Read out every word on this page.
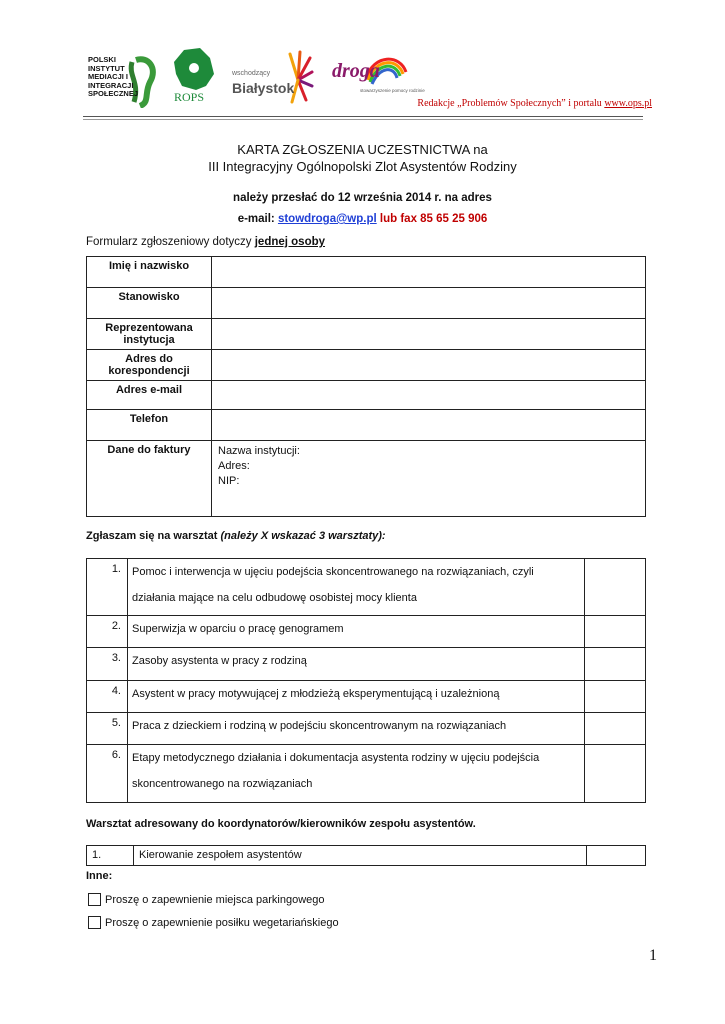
POLSKI
INSTYTUT
MEDIACJI I
INTEGRACJI
SPOŁECZNEJ	ROPS
wschodzący
Białystok
droga
stowarzyszenie pomocy rodzinie
Redakcje „Problemów Społecznych” i portalu www.ops.pl
KARTA ZGŁOSZENIA UCZESTNICTWA na
III Integracyjny Ogólnopolski Zlot Asystentów Rodziny
należy przesłać do 12 września 2014 r. na adres
e-mail: stowdroga@wp.pl lub fax 85 65 25 906
Formularz zgłoszeniowy dotyczy jednej osoby
Imię i nazwisko	
Stanowisko	
Reprezentowana instytucja	
Adres do korespondencji	
Adres e-mail	
Telefon	
Dane do faktury	Nazwa instytucji:
Adres:
NIP:
Zgłaszam się na warsztat (należy X wskazać 3 warsztaty):
1.	Pomoc i interwencja w ujęciu podejścia skoncentrowanego na rozwiązaniach, czyli działania mające na celu odbudowę osobistej mocy klienta	

2.	Superwizja w oparciu o pracę genogramem	

3.	Zasoby asystenta w pracy z rodziną	

4.	Asystent w pracy motywującej z młodzieżą eksperymentującą i uzależnioną	

5.	Praca z dzieckiem i rodziną w podejściu skoncentrowanym na rozwiązaniach	

6.	Etapy metodycznego działania i dokumentacja asystenta rodziny w ujęciu podejścia skoncentrowanego na rozwiązaniach	

Warsztat adresowany do koordynatorów/kierowników zespołu asystentów.
1.	Kierowanie zespołem asystentów	
Inne:
Proszę o zapewnienie miejsca parkingowego
Proszę o zapewnienie posiłku wegetariańskiego
1
